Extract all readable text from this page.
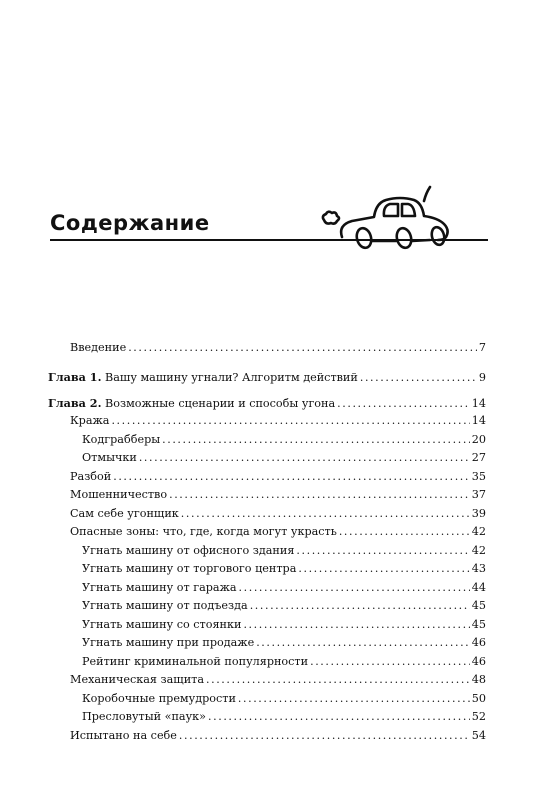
Содержание
Введение .....	7
Глава 1. Вашу машину угнали? Алгоритм действий .....	9
Глава 2. Возможные сценарии и способы угона .....	14
Кража .....	14
Кодграбберы .....	20
Отмычки .....	27
Разбой .....	35
Мошенничество .....	37
Сам себе угонщик .....	39
Опасные зоны: что, где, когда могут украсть .....	42
Угнать машину от офисного здания .....	42
Угнать машину от торгового центра .....	43
Угнать машину от гаража .....	44
Угнать машину от подъезда .....	45
Угнать машину со стоянки .....	45
Угнать машину при продаже .....	46
Рейтинг криминальной популярности .....	46
Механическая защита .....	48
Коробочные премудрости .....	50
Пресловутый «паук» .....	52
Испытано на себе .....	54
